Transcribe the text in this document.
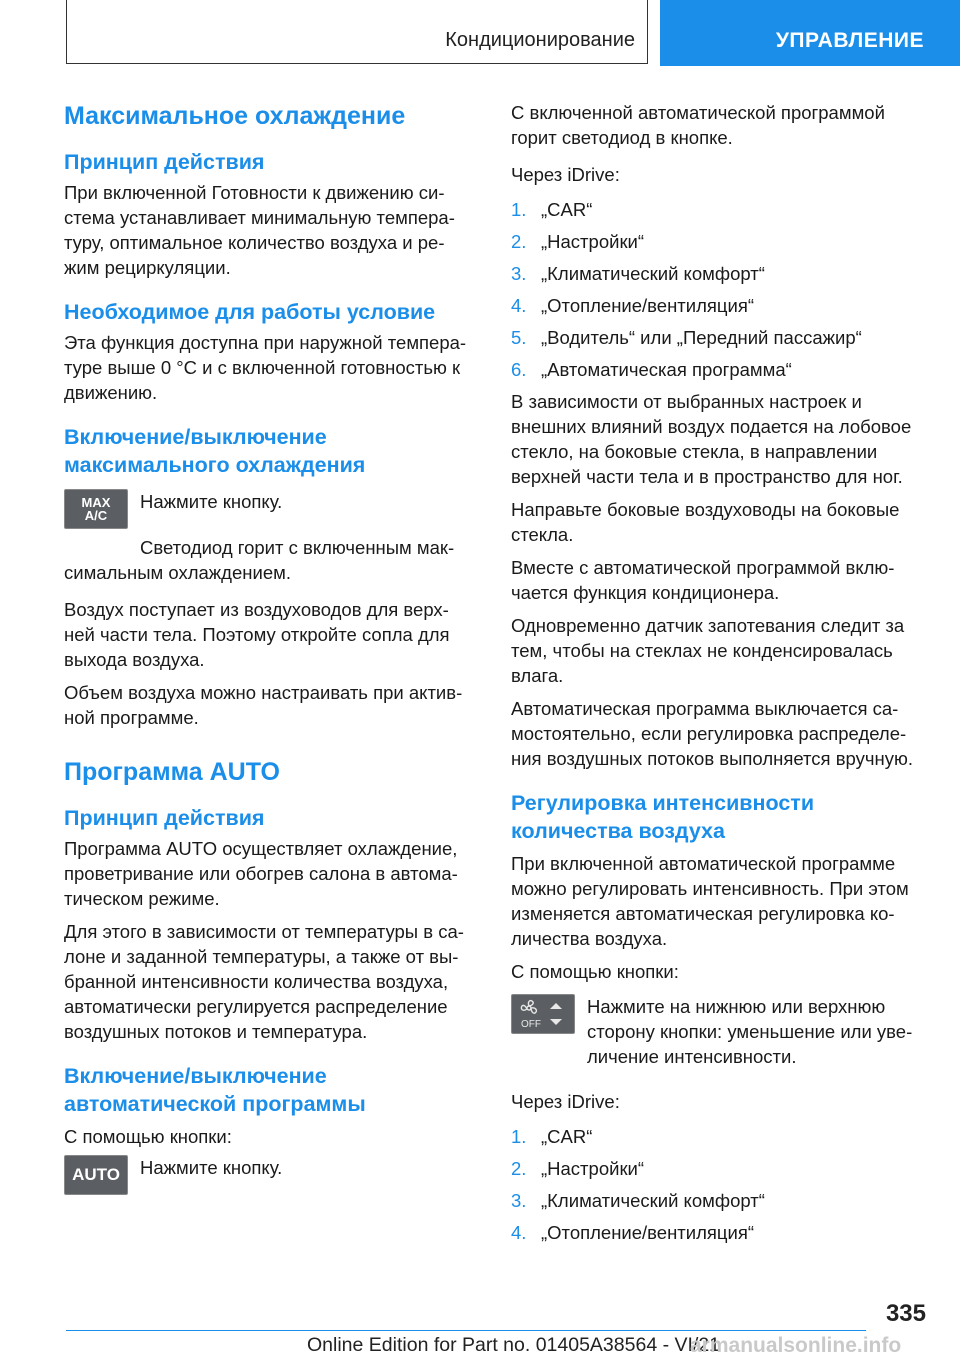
Кондиционирование	УПРАВЛЕНИЕ
Максимальное охлаждение
Принцип действия

При включенной Готовности к движению си-стема устанавливает минимальную темпера-туру, оптимальное количество воздуха и ре-жим рециркуляции.

Необходимое для работы условие

Эта функция доступна при наружной темпера-туре выше 0 °C и с включенной готовностью к движению.

Включение/выключение максимального охлаждения
MAX
A/C

Нажмите кнопку.

Светодиод горит с включенным мак-симальным охлаждением.

Воздух поступает из воздуховодов для верх-ней части тела. Поэтому откройте сопла для выхода воздуха.

Объем воздуха можно настраивать при актив-ной программе.

Программа AUTO
Принцип действия

Программа AUTO осуществляет охлаждение, проветривание или обогрев салона в автома-тическом режиме.

Для этого в зависимости от температуры в са-лоне и заданной температуры, а также от вы-бранной интенсивности количества воздуха, автоматически регулируется распределение воздушных потоков и температура.

Включение/выключение автоматической программы

С помощью кнопки:

AUTO Нажмите кнопку.

С включенной автоматической программой горит светодиод в кнопке.

Через iDrive:

1. „CAR“
2. „Настройки“
3. „Климатический комфорт“
4. „Отопление/вентиляция“
5. „Водитель“ или „Передний пассажир“
6. „Автоматическая программа“

В зависимости от выбранных настроек и внешних влияний воздух подается на лобовое стекло, на боковые стекла, в направлении верхней части тела и в пространство для ног.

Направьте боковые воздуховоды на боковые стекла.

Вместе с автоматической программой вклю-чается функция кондиционера.

Одновременно датчик запотевания следит за тем, чтобы на стеклах не конденсировалась влага.

Автоматическая программа выключается са-мостоятельно, если регулировка распределе-ния воздушных потоков выполняется вручную.

Регулировка интенсивности количества воздуха

При включенной автоматической программе можно регулировать интенсивность. При этом изменяется автоматическая регулировка ко-личества воздуха.

С помощью кнопки:

OFF

Нажмите на нижнюю или верхнюю сторону кнопки: уменьшение или уве-личение интенсивности.

Через iDrive:

1. „CAR“
2. „Настройки“
3. „Климатический комфорт“
4. „Отопление/вентиляция“
335
Online Edition for Part no. 01405A38564 - VI/21
armanualsonline.info
